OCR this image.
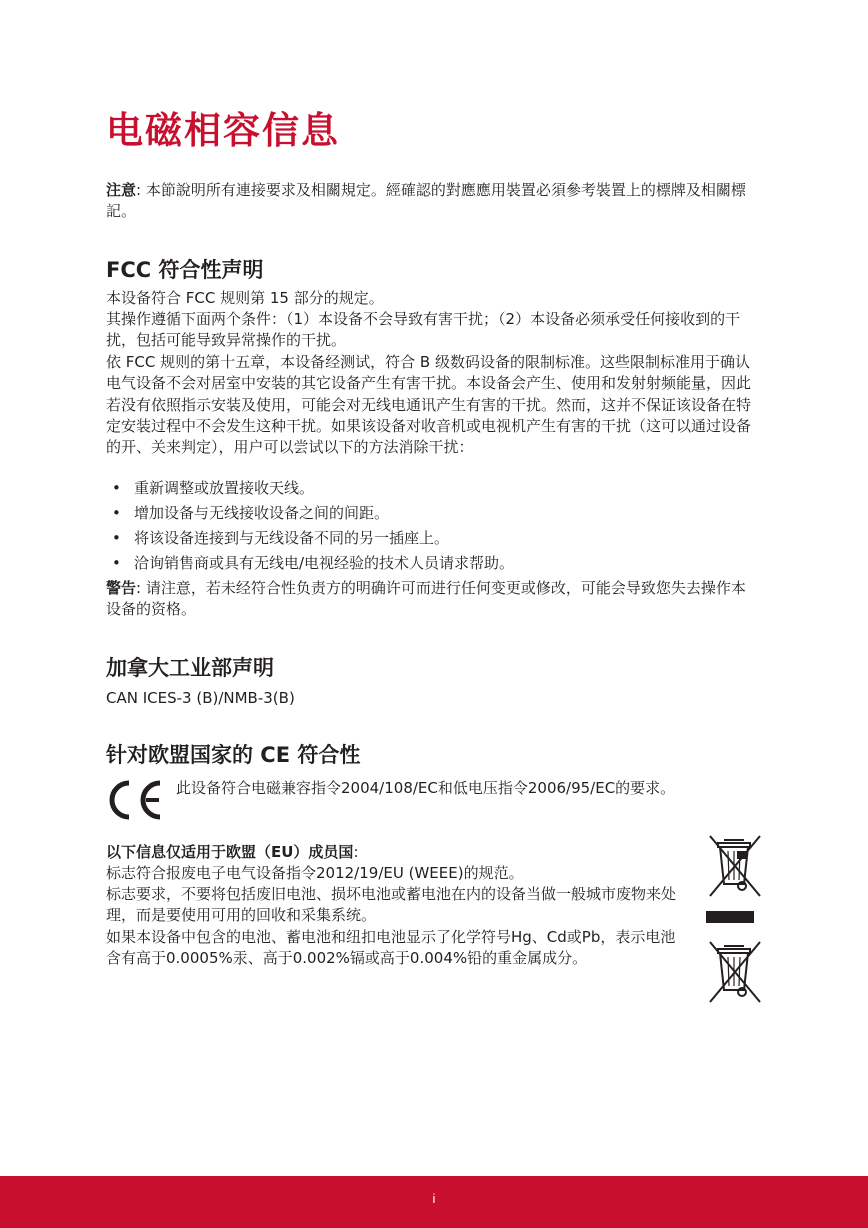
电磁相容信息

注意: 本節說明所有連接要求及相關規定。經確認的對應應用裝置必須參考裝置上的標牌及相關標記。

FCC 符合性声明

本设备符合 FCC 规则第 15 部分的规定。

其操作遵循下面两个条件：（1）本设备不会导致有害干扰；（2）本设备必须承受任何接收到的干扰，包括可能导致异常操作的干扰。

依 FCC 规则的第十五章，本设备经测试，符合 B 级数码设备的限制标准。这些限制标准用于确认电气设备不会对居室中安装的其它设备产生有害干扰。本设备会产生、使用和发射射频能量，因此若没有依照指示安装及使用，可能会对无线电通讯产生有害的干扰。然而，这并不保证该设备在特定安装过程中不会发生这种干扰。如果该设备对收音机或电视机产生有害的干扰（这可以通过设备的开、关来判定），用户可以尝试以下的方法消除干扰：

• 重新调整或放置接收天线。
• 增加设备与无线接收设备之间的间距。
• 将该设备连接到与无线设备不同的另一插座上。
• 洽询销售商或具有无线电/电视经验的技术人员请求帮助。

警告: 请注意，若未经符合性负责方的明确许可而进行任何变更或修改，可能会导致您失去操作本设备的资格。

加拿大工业部声明

CAN ICES-3 (B)/NMB-3(B)

针对欧盟国家的 CE 符合性

此设备符合电磁兼容指令2004/108/EC和低电压指令2006/95/EC的要求。

以下信息仅适用于欧盟（EU）成员国:

标志符合报废电子电气设备指令2012/19/EU (WEEE)的规范。

标志要求，不要将包括废旧电池、损坏电池或蓄电池在内的设备当做一般城市废物来处理，而是要使用可用的回收和采集系统。

如果本设备中包含的电池、蓄电池和纽扣电池显示了化学符号Hg、Cd或Pb，表示电池含有高于0.0005%汞、高于0.002%镉或高于0.004%铅的重金属成分。

i
